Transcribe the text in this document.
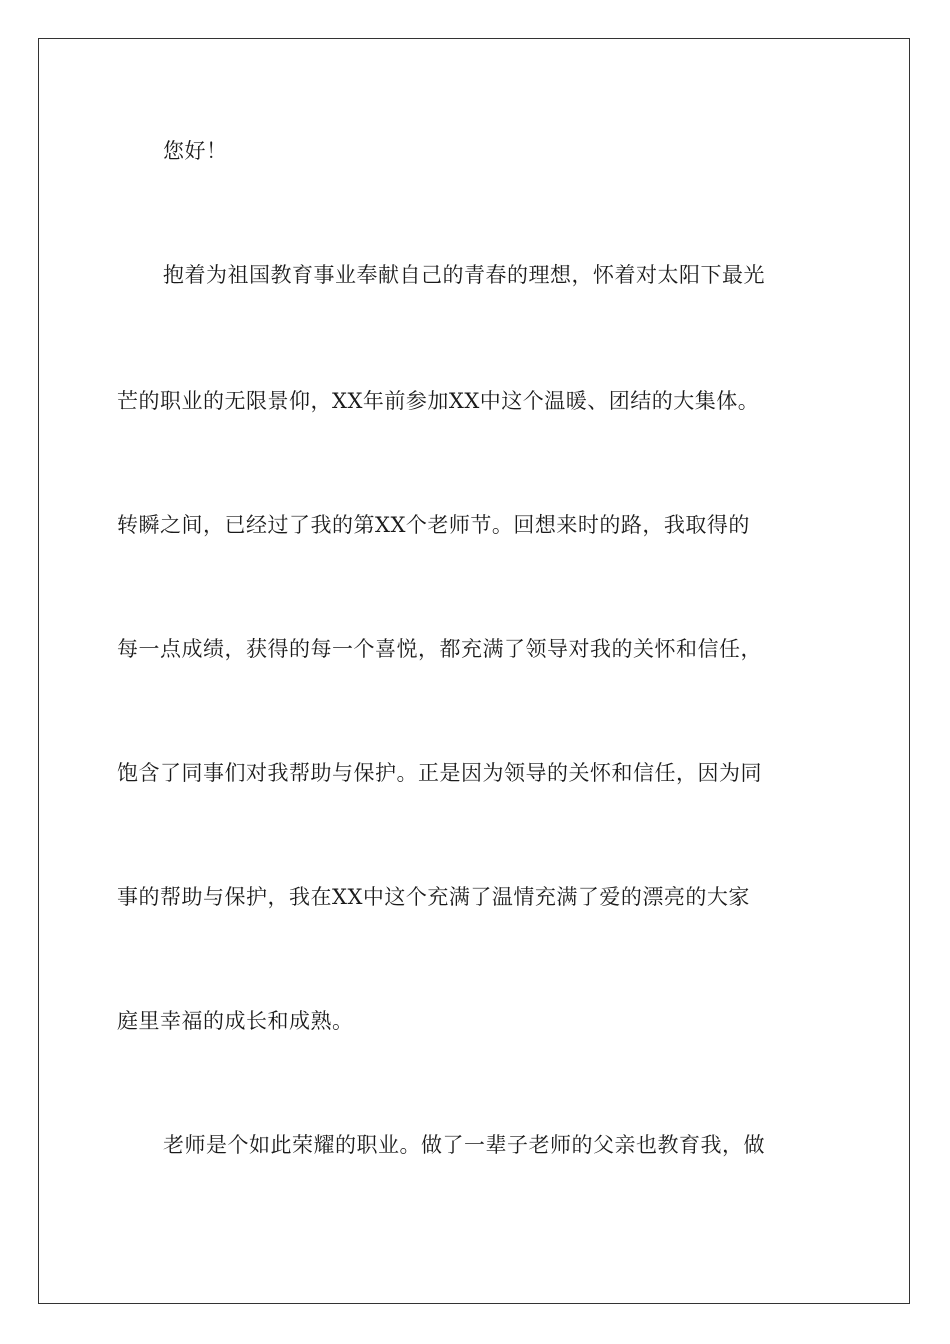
您好！
抱着为祖国教育事业奉献自己的青春的理想，怀着对太阳下最光
芒的职业的无限景仰，XX年前参加XX中这个温暖、团结的大集体。
转瞬之间，已经过了我的第XX个老师节。回想来时的路，我取得的
每一点成绩，获得的每一个喜悦，都充满了领导对我的关怀和信任，
饱含了同事们对我帮助与保护。正是因为领导的关怀和信任，因为同
事的帮助与保护，我在XX中这个充满了温情充满了爱的漂亮的大家
庭里幸福的成长和成熟。
老师是个如此荣耀的职业。做了一辈子老师的父亲也教育我，做
